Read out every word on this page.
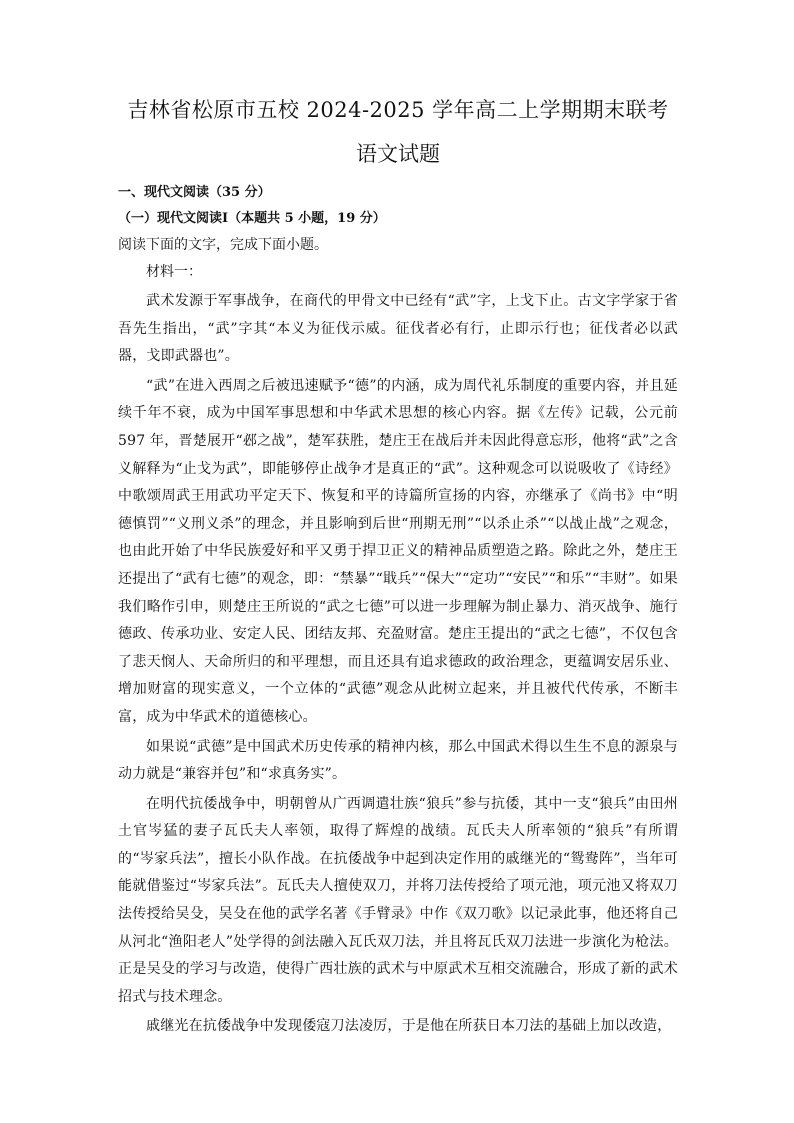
吉林省松原市五校 2024-2025 学年高二上学期期末联考
语文试题

一、现代文阅读（35 分）

（一）现代文阅读Ⅰ（本题共 5 小题，19 分）

阅读下面的文字，完成下面小题。

材料一：

武术发源于军事战争，在商代的甲骨文中已经有“武”字，上戈下止。古文字学家于省吾先生指出，“武”字其“本义为征伐示威。征伐者必有行，止即示行也；征伐者必以武器，戈即武器也”。

“武”在进入西周之后被迅速赋予“德”的内涵，成为周代礼乐制度的重要内容，并且延续千年不衰，成为中国军事思想和中华武术思想的核心内容。据《左传》记载，公元前 597 年，晋楚展开“邲之战”，楚军获胜，楚庄王在战后并未因此得意忘形，他将“武”之含义解释为“止戈为武”，即能够停止战争才是真正的“武”。这种观念可以说吸收了《诗经》中歌颂周武王用武功平定天下、恢复和平的诗篇所宣扬的内容，亦继承了《尚书》中“明德慎罚”“义刑义杀”的理念，并且影响到后世“刑期无刑”“以杀止杀”“以战止战”之观念，也由此开始了中华民族爱好和平又勇于捍卫正义的精神品质塑造之路。除此之外，楚庄王还提出了“武有七德”的观念，即：“禁暴”“戢兵”“保大”“定功”“安民”“和乐”“丰财”。如果我们略作引申，则楚庄王所说的“武之七德”可以进一步理解为制止暴力、消灭战争、施行德政、传承功业、安定人民、团结友邦、充盈财富。楚庄王提出的“武之七德”，不仅包含了悲天悯人、天命所归的和平理想，而且还具有追求德政的政治理念，更蕴调安居乐业、增加财富的现实意义，一个立体的“武德”观念从此树立起来，并且被代代传承，不断丰富，成为中华武术的道德核心。

如果说“武德”是中国武术历史传承的精神内核，那么中国武术得以生生不息的源泉与动力就是“兼容并包”和“求真务实”。

在明代抗倭战争中，明朝曾从广西调遣壮族“狼兵”参与抗倭，其中一支“狼兵”由田州土官岑猛的妻子瓦氏夫人率领，取得了辉煌的战绩。瓦氏夫人所率领的“狼兵”有所谓的“岑家兵法”，擅长小队作战。在抗倭战争中起到决定作用的戚继光的“鸳鸯阵”，当年可能就借鉴过“岑家兵法”。瓦氏夫人擅使双刀，并将刀法传授给了项元池，项元池又将双刀法传授给吴殳，吴殳在他的武学名著《手臂录》中作《双刀歌》以记录此事，他还将自己从河北“渔阳老人”处学得的剑法融入瓦氏双刀法，并且将瓦氏双刀法进一步演化为枪法。正是吴殳的学习与改造，使得广西壮族的武术与中原武术互相交流融合，形成了新的武术招式与技术理念。

戚继光在抗倭战争中发现倭寇刀法凌厉，于是他在所获日本刀法的基础上加以改造，
